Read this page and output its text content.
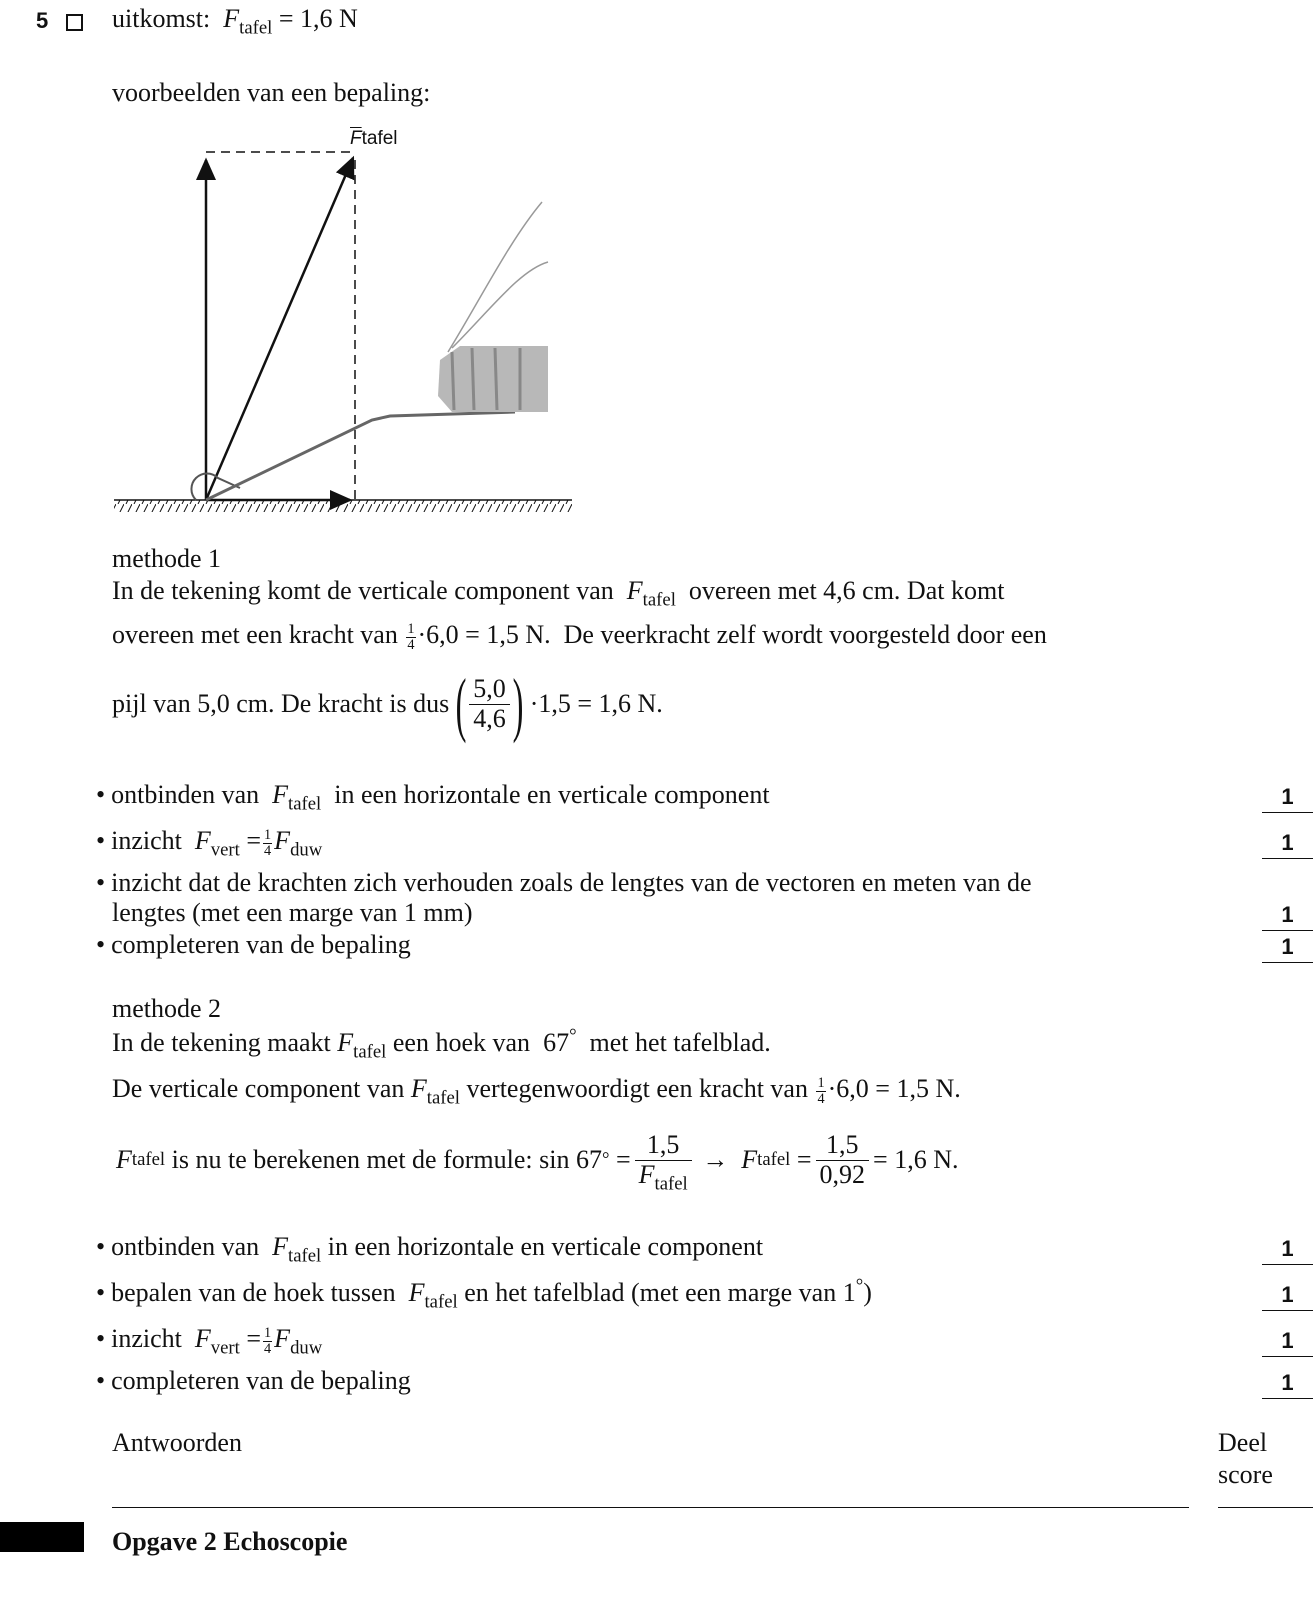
5 uitkomst: $F_{tafel} = 1,6$ N
voorbeelden van een bepaling:
$\overline{F}tafel$
methode 1
In de tekening komt de verticale component van $F_{tafel}$ overeen met 4,6 cm. Dat komt
overeen met een kracht van $\frac{1}{4} \cdot 6,0 = 1,5$ N. De veerkracht zelf wordt voorgesteld door een
pijl van 5,0 cm. De kracht is dus ( 5,0
4,6 ) ·1,5 = 1,6 N.
• ontbinden van $F_{tafel}$ in een horizontale en verticale component	1
• inzicht $F_{vert} = \frac{1}{4} F_{duw}$	1
• inzicht dat de krachten zich verhouden zoals de lengtes van de vectoren en meten van de
lengtes (met een marge van 1 mm)	1
• completeren van de bepaling	1
methode 2
In de tekening maakt $F_{tafel}$ een hoek van 67° met het tafelblad.
De verticale component van $F_{tafel}$ vertegenwoordigt een kracht van $\frac{1}{4} \cdot 6,0 = 1,5$ N.
F tafel
is nu te berekenen met de formule:
sin 67 °
=
1,5
$F_{tafel}$

→
F tafel
= $\frac{1,5}{0,92} = 1,6$ N.
• ontbinden van $F_{tafel}$ in een horizontale en verticale component	1
• bepalen van de hoek tussen $F_{tafel}$ en het tafelblad (met een marge van 1°)	1
• inzicht $F_{vert} = \frac{1}{4} F_{duw}$	1
• completeren van de bepaling	1
Antwoorden	Deel
score
Opgave 2 Echoscopie
